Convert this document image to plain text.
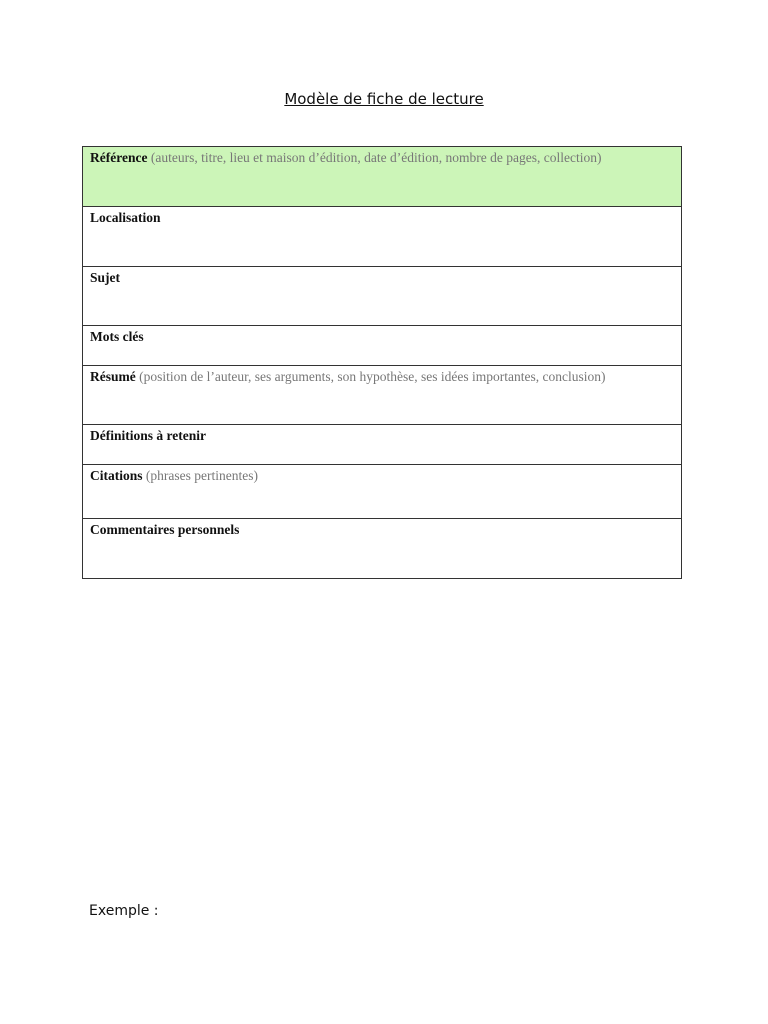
Modèle de fiche de lecture
Référence (auteurs, titre, lieu et maison d’édition, date d’édition, nombre de pages, collection)
Localisation
Sujet
Mots clés
Résumé (position de l’auteur, ses arguments, son hypothèse, ses idées importantes, conclusion)
Définitions à retenir
Citations (phrases pertinentes)
Commentaires personnels
Exemple :
